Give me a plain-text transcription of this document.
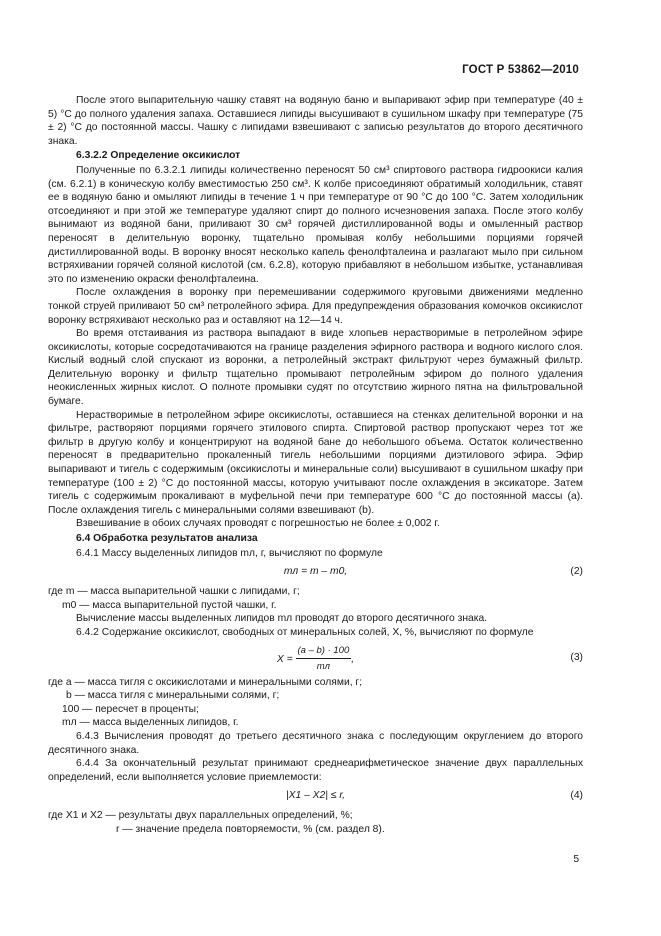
ГОСТ Р 53862—2010

После этого выпарительную чашку ставят на водяную баню и выпаривают эфир при температуре (40 ± 5) °С до полного удаления запаха. Оставшиеся липиды высушивают в сушильном шкафу при температуре (75 ± 2) °С до постоянной массы. Чашку с липидами взвешивают с записью результатов до второго десятичного знака.

6.3.2.2 Определение оксикислот

Полученные по 6.3.2.1 липиды количественно переносят 50 см³ спиртового раствора гидроокиси калия (см. 6.2.1) в коническую колбу вместимостью 250 см³. К колбе присоединяют обратимый холодильник, ставят ее в водяную баню и омыляют липиды в течение 1 ч при температуре от 90 °С до 100 °С. Затем холодильник отсоединяют и при этой же температуре удаляют спирт до полного исчезновения запаха. После этого колбу вынимают из водяной бани, приливают 30 см³ горячей дистиллированной воды и омыленный раствор переносят в делительную воронку, тщательно промывая колбу небольшими порциями горячей дистиллированной воды. В воронку вносят несколько капель фенолфталеина и разлагают мыло при сильном встряхивании горячей соляной кислотой (см. 6.2.8), которую прибавляют в небольшом избытке, устанавливая это по изменению окраски фенолфталеина.

После охлаждения в воронку при перемешивании содержимого круговыми движениями медленно тонкой струей приливают 50 см³ петролейного эфира. Для предупреждения образования комочков оксикислот воронку встряхивают несколько раз и оставляют на 12—14 ч.

Во время отстаивания из раствора выпадают в виде хлопьев нерастворимые в петролейном эфире оксикислоты, которые сосредотачиваются на границе разделения эфирного раствора и водного кислого слоя. Кислый водный слой спускают из воронки, а петролейный экстракт фильтруют через бумажный фильтр. Делительную воронку и фильтр тщательно промывают петролейным эфиром до полного удаления неокисленных жирных кислот. О полноте промывки судят по отсутствию жирного пятна на фильтровальной бумаге.

Нерастворимые в петролейном эфире оксикислоты, оставшиеся на стенках делительной воронки и на фильтре, растворяют порциями горячего этилового спирта. Спиртовой раствор пропускают через тот же фильтр в другую колбу и концентрируют на водяной бане до небольшого объема. Остаток количественно переносят в предварительно прокаленный тигель небольшими порциями диэтилового эфира. Эфир выпаривают и тигель с содержимым (оксикислоты и минеральные соли) высушивают в сушильном шкафу при температуре (100 ± 2) °С до постоянной массы, которую учитывают после охлаждения в эксикаторе. Затем тигель с содержимым прокаливают в муфельной печи при температуре 600 °С до постоянной массы (a). После охлаждения тигель с минеральными солями взвешивают (b).

Взвешивание в обоих случаях проводят с погрешностью не более ± 0,002 г.

6.4 Обработка результатов анализа

6.4.1 Массу выделенных липидов mл, г, вычисляют по формуле

mл = m – m0,	(2)

где m — масса выпарительной чашки с липидами, г;

m0 — масса выпарительной пустой чашки, г.

Вычисление массы выделенных липидов mл проводят до второго десятичного знака.

6.4.2 Содержание оксикислот, свободных от минеральных солей, X, %, вычисляют по формуле

$X = \frac{(a - b) \cdot 100}{mл}$ ,	(3)

где a — масса тигля с оксикислотами и минеральными солями, г;

b — масса тигля с минеральными солями, г;

100 — пересчет в проценты;

mл — масса выделенных липидов, г.

6.4.3 Вычисления проводят до третьего десятичного знака с последующим округлением до второго десятичного знака.

6.4.4 За окончательный результат принимают среднеарифметическое значение двух параллельных определений, если выполняется условие приемлемости:

|X1 – X2| ≤ r,	(4)

где X1 и X2 — результаты двух параллельных определений, %;

r — значение предела повторяемости, % (см. раздел 8).

5
